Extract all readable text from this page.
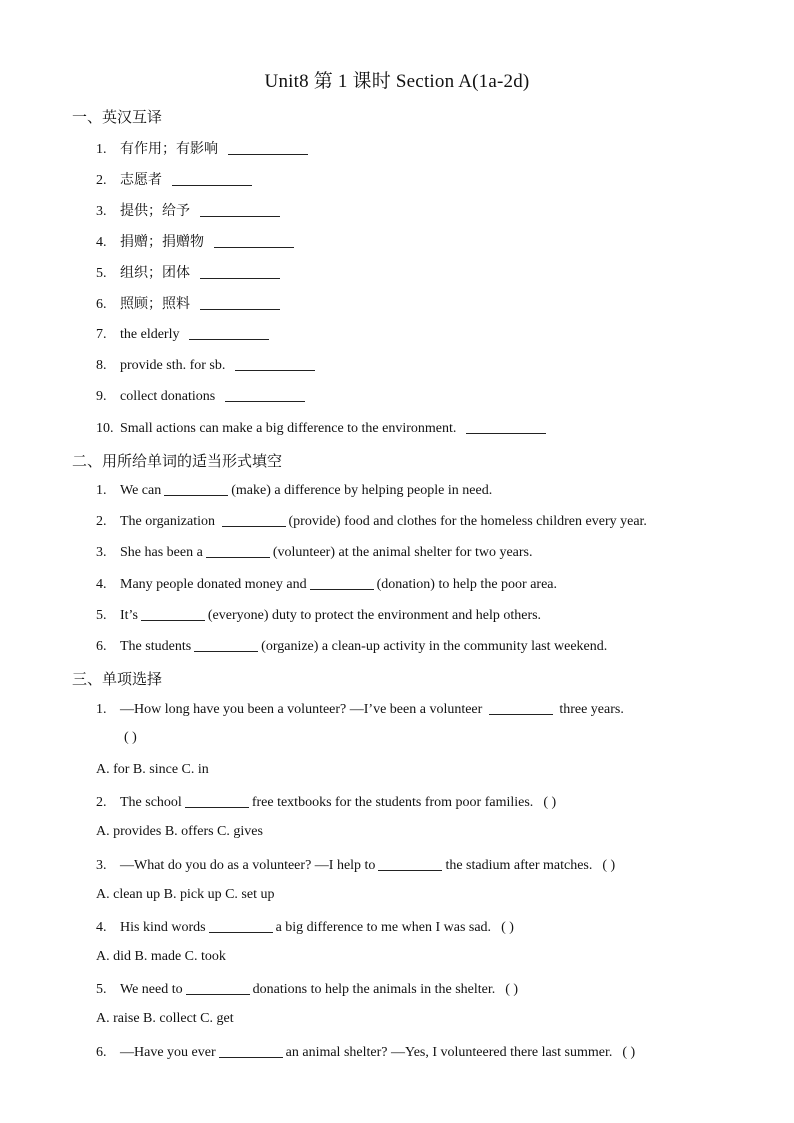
Unit8 第 1 课时 Section A(1a-2d)
一、英汉互译
1. 有作用；有影响
2. 志愿者
3. 提供；给予
4. 捐赠；捐赠物
5. 组织；团体
6. 照顾；照料
7. the elderly
8. provide sth. for sb.
9. collect donations
10. Small actions can make a big difference to the environment.
二、用所给单词的适当形式填空
1. We can	(make) a difference by helping people in need.
2. The organization	(provide) food and clothes for the homeless children every year.
3. She has been a	(volunteer) at the animal shelter for two years.
4. Many people donated money and	(donation) to help the poor area.
5. It’s	(everyone) duty to protect the environment and help others.
6. The students	(organize) a clean-up activity in the community last weekend.
三、单项选择
( )
1. —How long have you been a volunteer? —I’ve been a volunteer	three years.
A. for B. since C. in
2. The school	free textbooks for the students from poor families. ( )
A. provides B. offers C. gives
3. —What do you do as a volunteer? —I help to	the stadium after matches. ( )
A. clean up B. pick up C. set up
4. His kind words	a big difference to me when I was sad. ( )
A. did B. made C. took
5. We need to	donations to help the animals in the shelter. ( )
A. raise B. collect C. get
6. —Have you ever	an animal shelter? —Yes, I volunteered there last summer. ( )
